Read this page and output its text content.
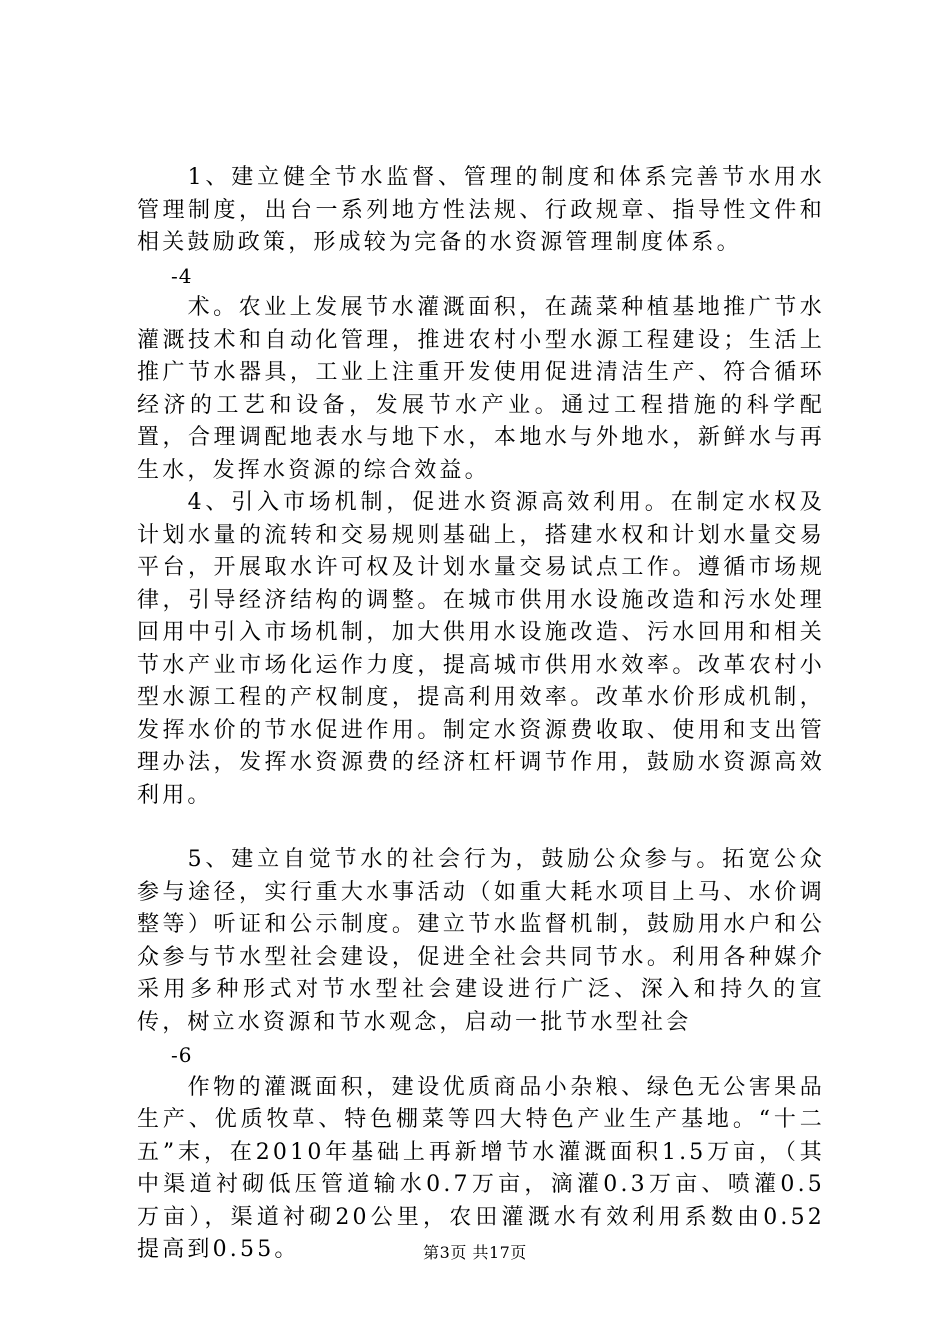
1、建立健全节水监督、管理的制度和体系完善节水用水管理制度，出台一系列地方性法规、行政规章、指导性文件和相关鼓励政策，形成较为完备的水资源管理制度体系。

-4

术。农业上发展节水灌溉面积，在蔬菜种植基地推广节水灌溉技术和自动化管理，推进农村小型水源工程建设；生活上推广节水器具，工业上注重开发使用促进清洁生产、符合循环经济的工艺和设备，发展节水产业。通过工程措施的科学配置，合理调配地表水与地下水，本地水与外地水，新鲜水与再生水，发挥水资源的综合效益。

4、引入市场机制，促进水资源高效利用。在制定水权及计划水量的流转和交易规则基础上，搭建水权和计划水量交易平台，开展取水许可权及计划水量交易试点工作。遵循市场规律，引导经济结构的调整。在城市供用水设施改造和污水处理回用中引入市场机制，加大供用水设施改造、污水回用和相关节水产业市场化运作力度，提高城市供用水效率。改革农村小型水源工程的产权制度，提高利用效率。改革水价形成机制，发挥水价的节水促进作用。制定水资源费收取、使用和支出管理办法，发挥水资源费的经济杠杆调节作用，鼓励水资源高效利用。

5、建立自觉节水的社会行为，鼓励公众参与。拓宽公众参与途径，实行重大水事活动（如重大耗水项目上马、水价调整等）听证和公示制度。建立节水监督机制，鼓励用水户和公众参与节水型社会建设，促进全社会共同节水。利用各种媒介采用多种形式对节水型社会建设进行广泛、深入和持久的宣传，树立水资源和节水观念，启动一批节水型社会

-6

作物的灌溉面积，建设优质商品小杂粮、绿色无公害果品生产、优质牧草、特色棚菜等四大特色产业生产基地。“十二五”末，在2010年基础上再新增节水灌溉面积1.5万亩，（其中渠道衬砌低压管道输水0.7万亩，滴灌0.3万亩、喷灌0.5万亩），渠道衬砌20公里，农田灌溉水有效利用系数由0.52提高到0.55。	第3页 共17页
